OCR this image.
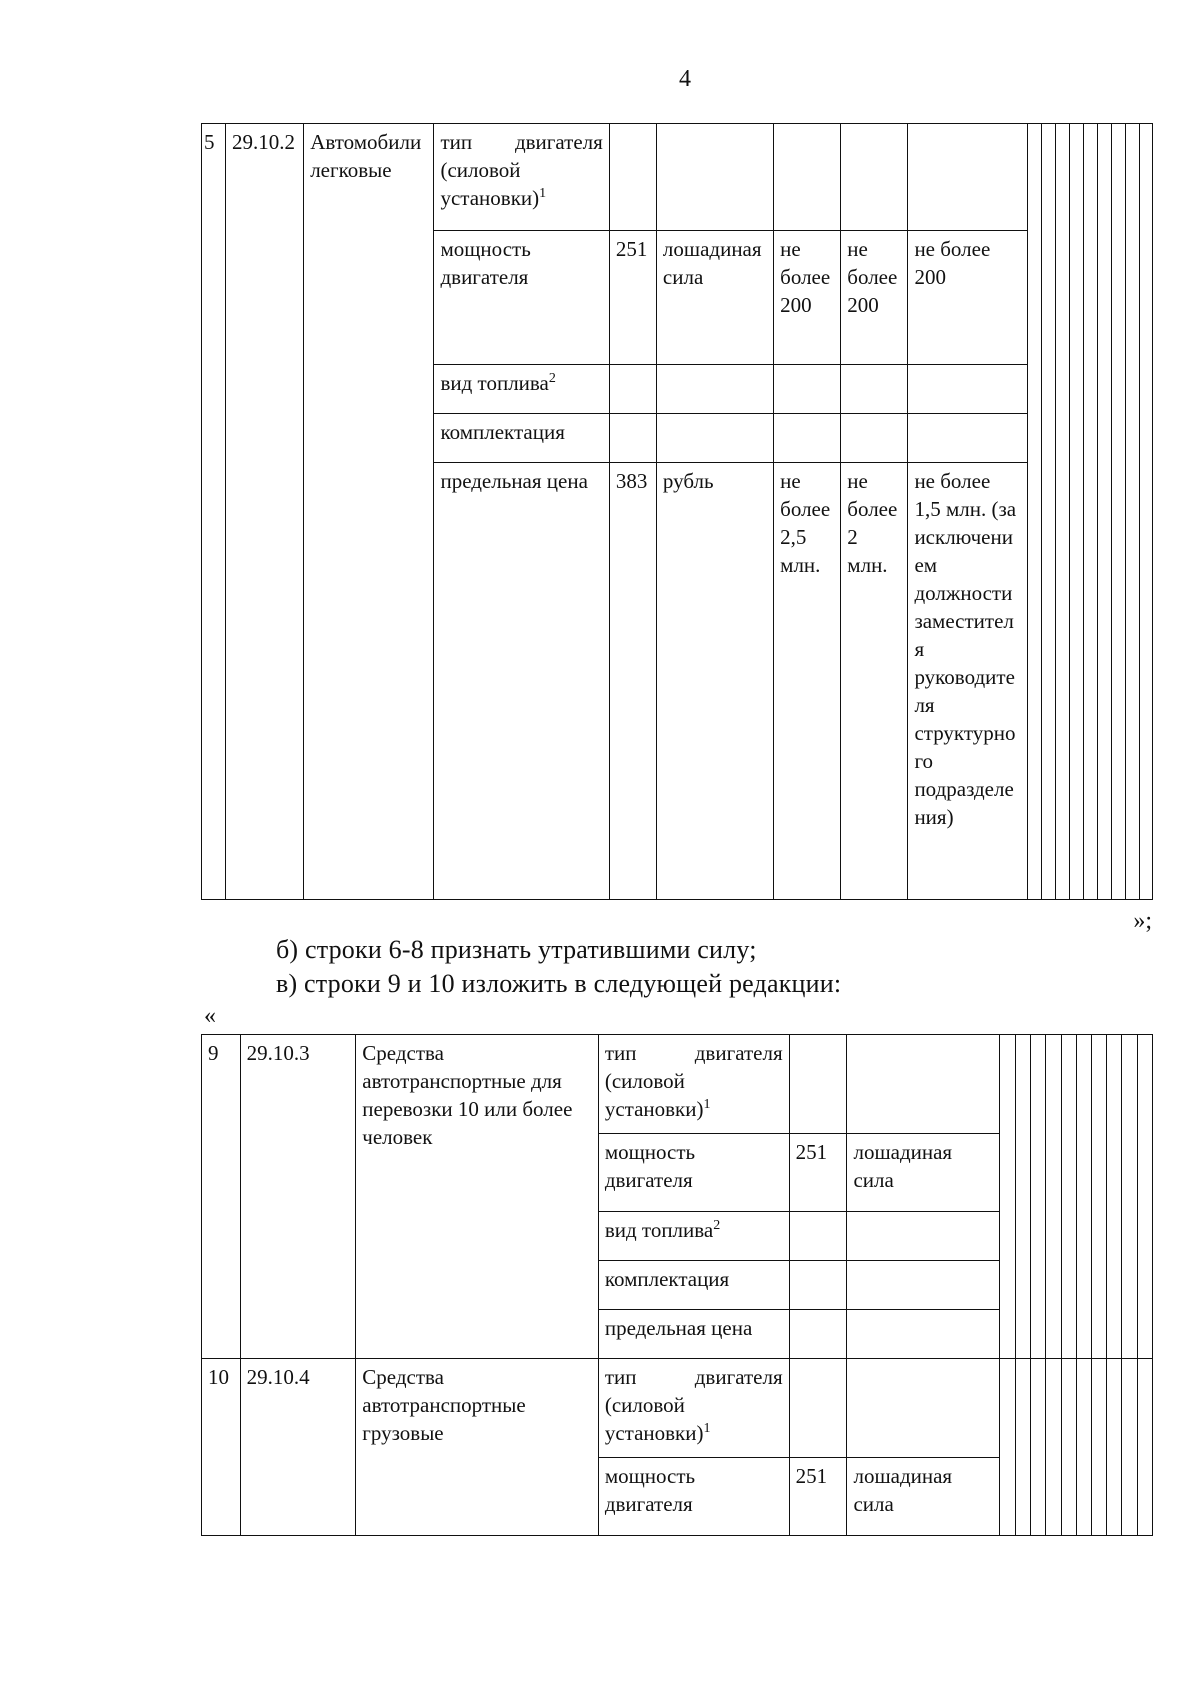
4
5	29.10.2	Автомобили легковые	тип двигателя (силовой установки)$^1$														
			мощность двигателя	251	лошадиная сила	не более 200	не более 200	не более 200									
			вид топлива$^2$					
			комплектация														
			предельная цена	383	рубль	не более 2,5 млн.	не более 2 млн.	не более 1,5 млн. (за исключением должности заместителя руководителя структурного подразделения)									
»;
б) строки 6-8 признать утратившими силу;
в) строки 9 и 10 изложить в следующей редакции:
«
9	29.10.3	Средства автотранспортные для перевозки 10 или более человек	тип двигателя (силовой установки)$^1$												
			мощность двигателя	251	лошадиная сила										
			вид топлива$^2$		
			комплектация												
			предельная цена												
10	29.10.4	Средства автотранспортные грузовые	тип двигателя (силовой установки)$^1$												
			мощность двигателя	251	лошадиная сила										
